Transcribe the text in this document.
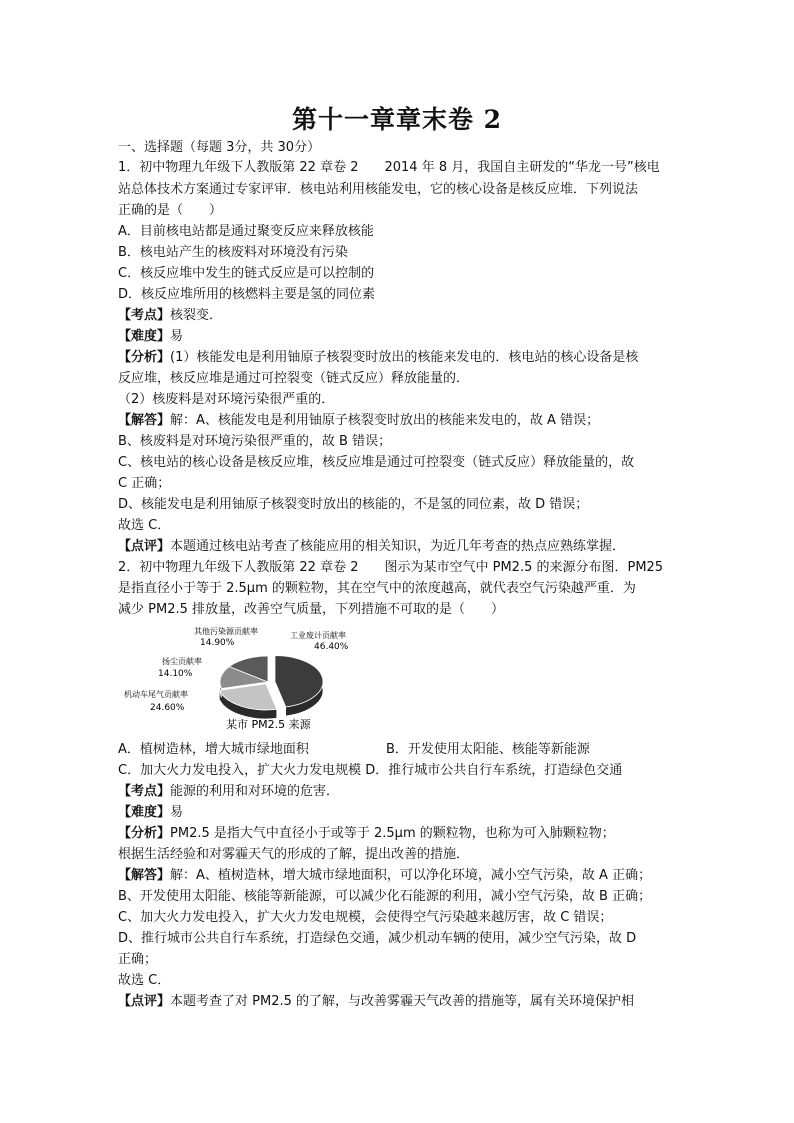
第十一章章末卷 2
一、选择题（每题 3分，共 30分）
1．初中物理九年级下人教版第 22 章卷 2　　2014 年 8 月，我国自主研发的“华龙一号”核电
站总体技术方案通过专家评审．核电站利用核能发电，它的核心设备是核反应堆．下列说法
正确的是（　　）
A．目前核电站都是通过聚变反应来释放核能
B．核电站产生的核废料对环境没有污染
C．核反应堆中发生的链式反应是可以控制的
D．核反应堆所用的核燃料主要是氢的同位素
【考点】核裂变．
【难度】易
【分析】(1）核能发电是利用铀原子核裂变时放出的核能来发电的．核电站的核心设备是核
反应堆，核反应堆是通过可控裂变（链式反应）释放能量的．
（2）核废料是对环境污染很严重的．
【解答】解：A、核能发电是利用铀原子核裂变时放出的核能来发电的，故 A 错误；
B、核废料是对环境污染很严重的，故 B 错误；
C、核电站的核心设备是核反应堆，核反应堆是通过可控裂变（链式反应）释放能量的，故
C 正确；
D、核能发电是利用铀原子核裂变时放出的核能的，不是氢的同位素，故 D 错误；
故选 C．
【点评】本题通过核电站考查了核能应用的相关知识，为近几年考查的热点应熟练掌握．
2．初中物理九年级下人教版第 22 章卷 2　　图示为某市空气中 PM2.5 的来源分布图．PM25
是指直径小于等于 2.5μm 的颗粒物，其在空气中的浓度越高，就代表空气污染越严重．为
减少 PM2.5 排放量，改善空气质量，下列措施不可取的是（　　）
工业废计贡献率
46.40%
其他污染源贡献率
14.90%
扬尘贡献率
14.10%
机动车尾气贡献率
24.60%
某市 PM2.5 来源
A．植树造林，增大城市绿地面积	B．开发使用太阳能、核能等新能源
C．加大火力发电投入，扩大火力发电规模 D．推行城市公共自行车系统，打造绿色交通
【考点】能源的利用和对环境的危害．
【难度】易
【分析】PM2.5 是指大气中直径小于或等于 2.5μm 的颗粒物，也称为可入肺颗粒物；
根据生活经验和对雾霾天气的形成的了解，提出改善的措施．
【解答】解：A、植树造林，增大城市绿地面积，可以净化环境，减小空气污染，故 A 正确；
B、开发使用太阳能、核能等新能源，可以减少化石能源的利用，减小空气污染，故 B 正确；
C、加大火力发电投入，扩大火力发电规模，会使得空气污染越来越厉害，故 C 错误；
D、推行城市公共自行车系统，打造绿色交通，减少机动车辆的使用，减少空气污染，故 D
正确；
故选 C．
【点评】本题考查了对 PM2.5 的了解，与改善雾霾天气改善的措施等，属有关环境保护相
